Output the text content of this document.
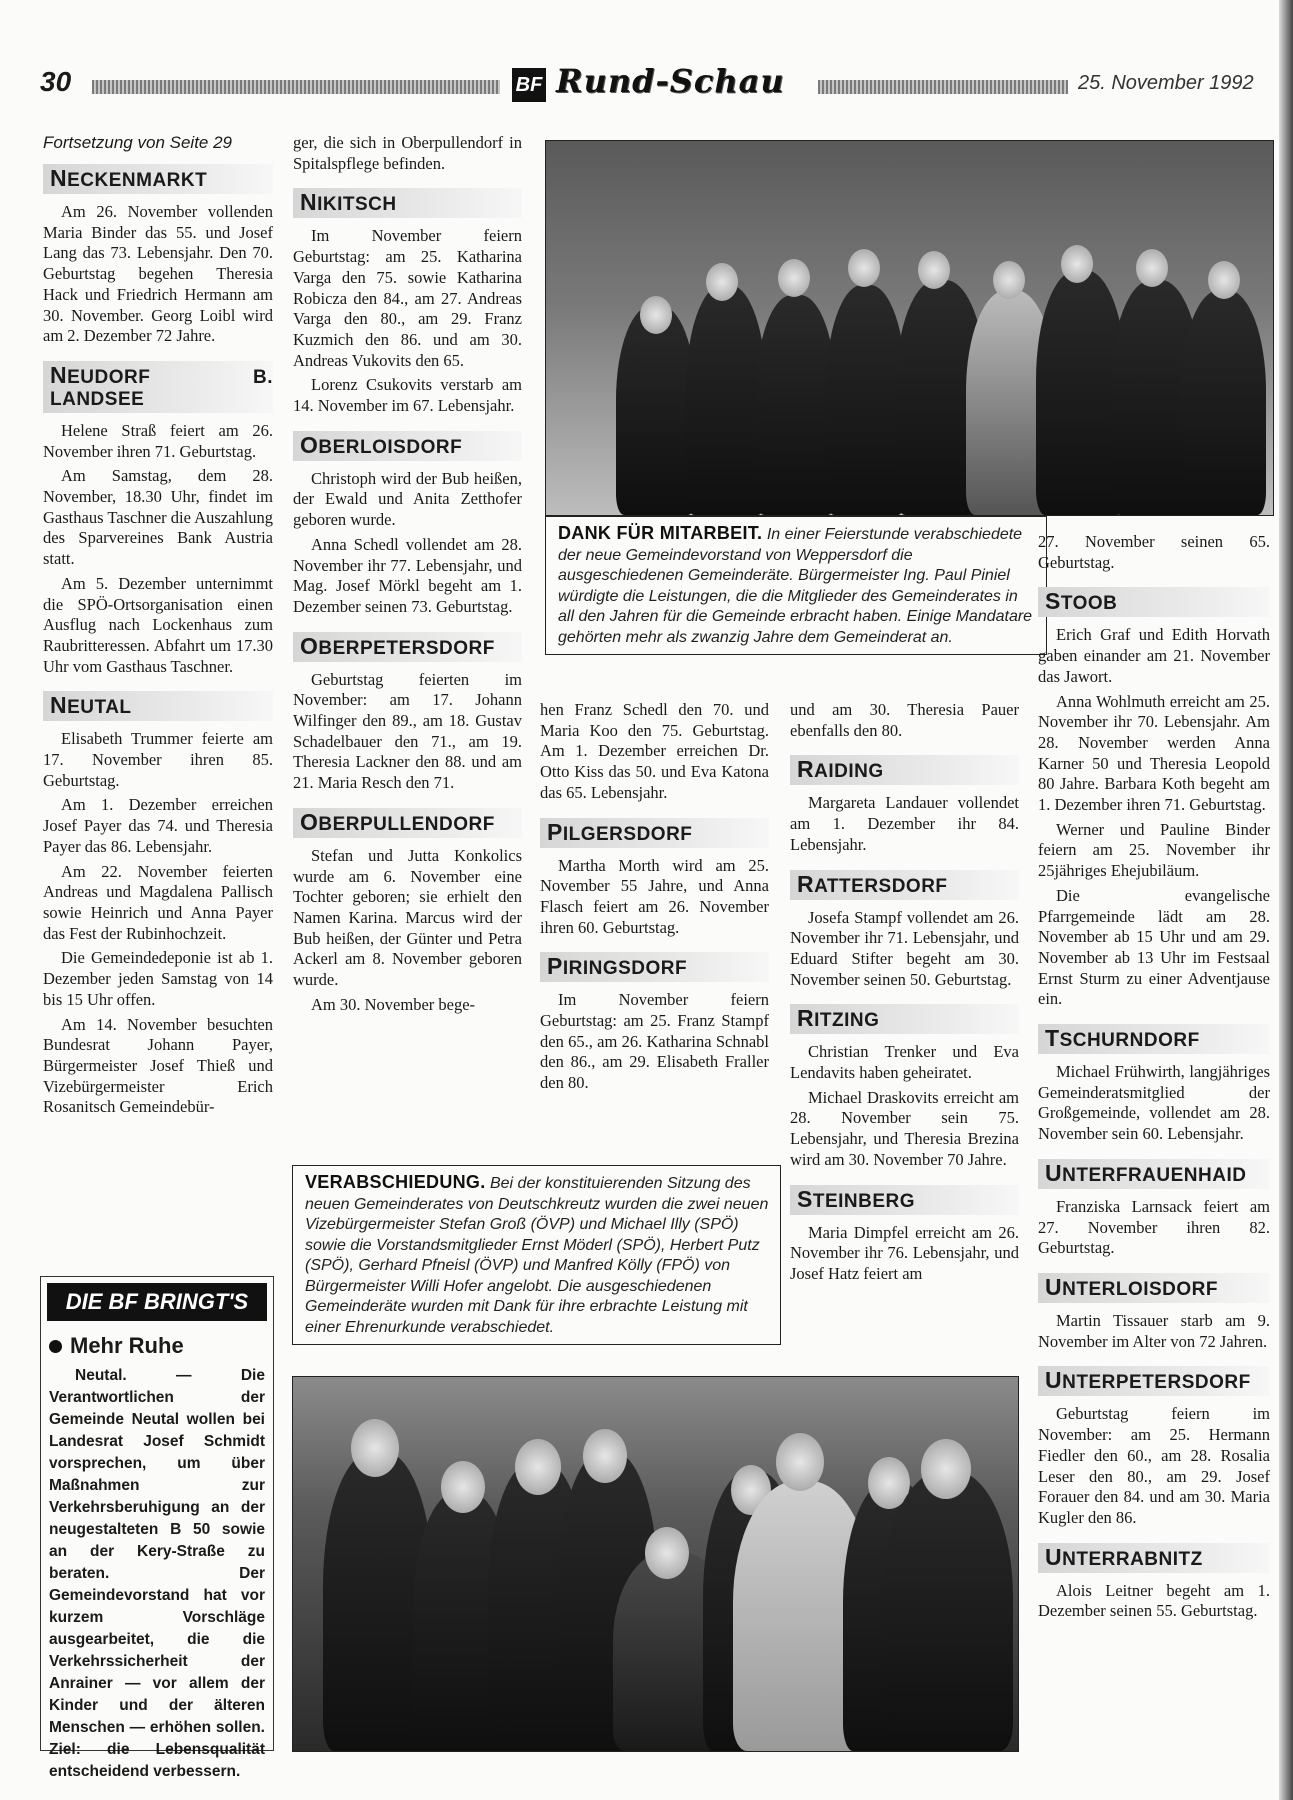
30	BF Rund-Schau	25. November 1992
Fortsetzung von Seite 29
NECKENMARKT

Am 26. November vollenden Maria Binder das 55. und Josef Lang das 73. Lebensjahr. Den 70. Geburtstag begehen Theresia Hack und Friedrich Hermann am 30. November. Georg Loibl wird am 2. Dezember 72 Jahre.

NEUDORF B. LANDSEE

Helene Straß feiert am 26. November ihren 71. Geburtstag.

Am Samstag, dem 28. November, 18.30 Uhr, findet im Gasthaus Taschner die Auszahlung des Sparvereines Bank Austria statt.

Am 5. Dezember unternimmt die SPÖ-Ortsorganisation einen Ausflug nach Lockenhaus zum Raubritteressen. Abfahrt um 17.30 Uhr vom Gasthaus Taschner.

NEUTAL

Elisabeth Trummer feierte am 17. November ihren 85. Geburtstag.

Am 1. Dezember erreichen Josef Payer das 74. und Theresia Payer das 86. Lebensjahr.

Am 22. November feierten Andreas und Magdalena Pallisch sowie Heinrich und Anna Payer das Fest der Rubinhochzeit.

Die Gemeindedeponie ist ab 1. Dezember jeden Samstag von 14 bis 15 Uhr offen.

Am 14. November besuchten Bundesrat Johann Payer, Bürgermeister Josef Thieß und Vizebürgermeister Erich Rosanitsch Gemeindebür-

DIE BF BRINGT'S
Mehr Ruhe
Neutal. — Die Verantwortlichen der Gemeinde Neutal wollen bei Landesrat Josef Schmidt vorsprechen, um über Maßnahmen zur Verkehrsberuhigung an der neugestalteten B 50 sowie an der Kery-Straße zu beraten. Der Gemeindevorstand hat vor kurzem Vorschläge ausgearbeitet, die die Verkehrssicherheit der Anrainer — vor allem der Kinder und der älteren Menschen — erhöhen sollen. Ziel: die Lebensqualität entscheidend verbessern.

ger, die sich in Oberpullendorf in Spitalspflege befinden.

NIKITSCH

Im November feiern Geburtstag: am 25. Katharina Varga den 75. sowie Katharina Robicza den 84., am 27. Andreas Varga den 80., am 29. Franz Kuzmich den 86. und am 30. Andreas Vukovits den 65.

Lorenz Csukovits verstarb am 14. November im 67. Lebensjahr.

OBERLOISDORF

Christoph wird der Bub heißen, der Ewald und Anita Zetthofer geboren wurde.

Anna Schedl vollendet am 28. November ihr 77. Lebensjahr, und Mag. Josef Mörkl begeht am 1. Dezember seinen 73. Geburtstag.

OBERPETERSDORF

Geburtstag feierten im November: am 17. Johann Wilfinger den 89., am 18. Gustav Schadelbauer den 71., am 19. Theresia Lackner den 88. und am 21. Maria Resch den 71.

OBERPULLENDORF

Stefan und Jutta Konkolics wurde am 6. November eine Tochter geboren; sie erhielt den Namen Karina. Marcus wird der Bub heißen, der Günter und Petra Ackerl am 8. November geboren wurde.

Am 30. November bege-

DANK FÜR MITARBEIT. In einer Feierstunde verabschiedete der neue Gemeindevorstand von Weppersdorf die ausgeschiedenen Gemeinderäte. Bürgermeister Ing. Paul Piniel würdigte die Leistungen, die die Mitglieder des Gemeinderates in all den Jahren für die Gemeinde erbracht haben. Einige Mandatare gehörten mehr als zwanzig Jahre dem Gemeinderat an.

hen Franz Schedl den 70. und Maria Koo den 75. Geburtstag. Am 1. Dezember erreichen Dr. Otto Kiss das 50. und Eva Katona das 65. Lebensjahr.

PILGERSDORF

Martha Morth wird am 25. November 55 Jahre, und Anna Flasch feiert am 26. November ihren 60. Geburtstag.

PIRINGSDORF

Im November feiern Geburtstag: am 25. Franz Stampf den 65., am 26. Katharina Schnabl den 86., am 29. Elisabeth Fraller den 80.

und am 30. Theresia Pauer ebenfalls den 80.

RAIDING

Margareta Landauer vollendet am 1. Dezember ihr 84. Lebensjahr.

RATTERSDORF

Josefa Stampf vollendet am 26. November ihr 71. Lebensjahr, und Eduard Stifter begeht am 30. November seinen 50. Geburtstag.

RITZING

Christian Trenker und Eva Lendavits haben geheiratet.

Michael Draskovits erreicht am 28. November sein 75. Lebensjahr, und Theresia Brezina wird am 30. November 70 Jahre.

STEINBERG

Maria Dimpfel erreicht am 26. November ihr 76. Lebensjahr, und Josef Hatz feiert am

VERABSCHIEDUNG. Bei der konstituierenden Sitzung des neuen Gemeinderates von Deutschkreutz wurden die zwei neuen Vizebürgermeister Stefan Groß (ÖVP) und Michael Illy (SPÖ) sowie die Vorstandsmitglieder Ernst Möderl (SPÖ), Herbert Putz (SPÖ), Gerhard Pfneisl (ÖVP) und Manfred Kölly (FPÖ) von Bürgermeister Willi Hofer angelobt. Die ausgeschiedenen Gemeinderäte wurden mit Dank für ihre erbrachte Leistung mit einer Ehrenurkunde verabschiedet.

27. November seinen 65. Geburtstag.

STOOB

Erich Graf und Edith Horvath gaben einander am 21. November das Jawort.

Anna Wohlmuth erreicht am 25. November ihr 70. Lebensjahr. Am 28. November werden Anna Karner 50 und Theresia Leopold 80 Jahre. Barbara Koth begeht am 1. Dezember ihren 71. Geburtstag.

Werner und Pauline Binder feiern am 25. November ihr 25jähriges Ehejubiläum.

Die evangelische Pfarrgemeinde lädt am 28. November ab 15 Uhr und am 29. November ab 13 Uhr im Festsaal Ernst Sturm zu einer Adventjause ein.

TSCHURNDORF

Michael Frühwirth, langjähriges Gemeinderatsmitglied der Großgemeinde, vollendet am 28. November sein 60. Lebensjahr.

UNTERFRAUENHAID

Franziska Larnsack feiert am 27. November ihren 82. Geburtstag.

UNTERLOISDORF

Martin Tissauer starb am 9. November im Alter von 72 Jahren.

UNTERPETERSDORF

Geburtstag feiern im November: am 25. Hermann Fiedler den 60., am 28. Rosalia Leser den 80., am 29. Josef Forauer den 84. und am 30. Maria Kugler den 86.

UNTERRABNITZ

Alois Leitner begeht am 1. Dezember seinen 55. Geburtstag.
